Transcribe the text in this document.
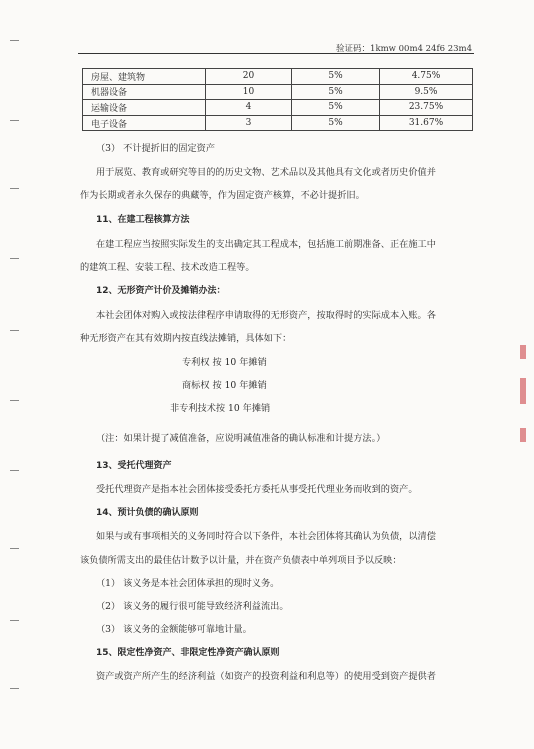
验证码：1kmw 00m4 24f6 23m4
房屋、建筑物	20	5%	4.75%
机器设备	10	5%	9.5%
运输设备	4	5%	23.75%
电子设备	3	5%	31.67%
（3） 不计提折旧的固定资产
用于展览、教育或研究等目的的历史文物、艺术品以及其他具有文化或者历史价值并
作为长期或者永久保存的典藏等，作为固定资产核算，不必计提折旧。
11、在建工程核算方法
在建工程应当按照实际发生的支出确定其工程成本，包括施工前期准备、正在施工中
的建筑工程、安装工程、技术改造工程等。
12、无形资产计价及摊销办法：
本社会团体对购入或按法律程序申请取得的无形资产，按取得时的实际成本入账。各
种无形资产在其有效期内按直线法摊销，具体如下：
专利权 按 10 年摊销
商标权 按 10 年摊销
非专利技术按 10 年摊销
（注：如果计提了减值准备，应说明减值准备的确认标准和计提方法。）
13、受托代理资产
受托代理资产是指本社会团体接受委托方委托从事受托代理业务而收到的资产。
14、预计负债的确认原则
如果与或有事项相关的义务同时符合以下条件，本社会团体将其确认为负债，以清偿
该负债所需支出的最佳估计数予以计量，并在资产负债表中单列项目予以反映：
（1） 该义务是本社会团体承担的现时义务。
（2） 该义务的履行很可能导致经济利益流出。
（3） 该义务的金额能够可靠地计量。
15、限定性净资产、非限定性净资产确认原则
资产或资产所产生的经济利益（如资产的投资利益和利息等）的使用受到资产提供者
